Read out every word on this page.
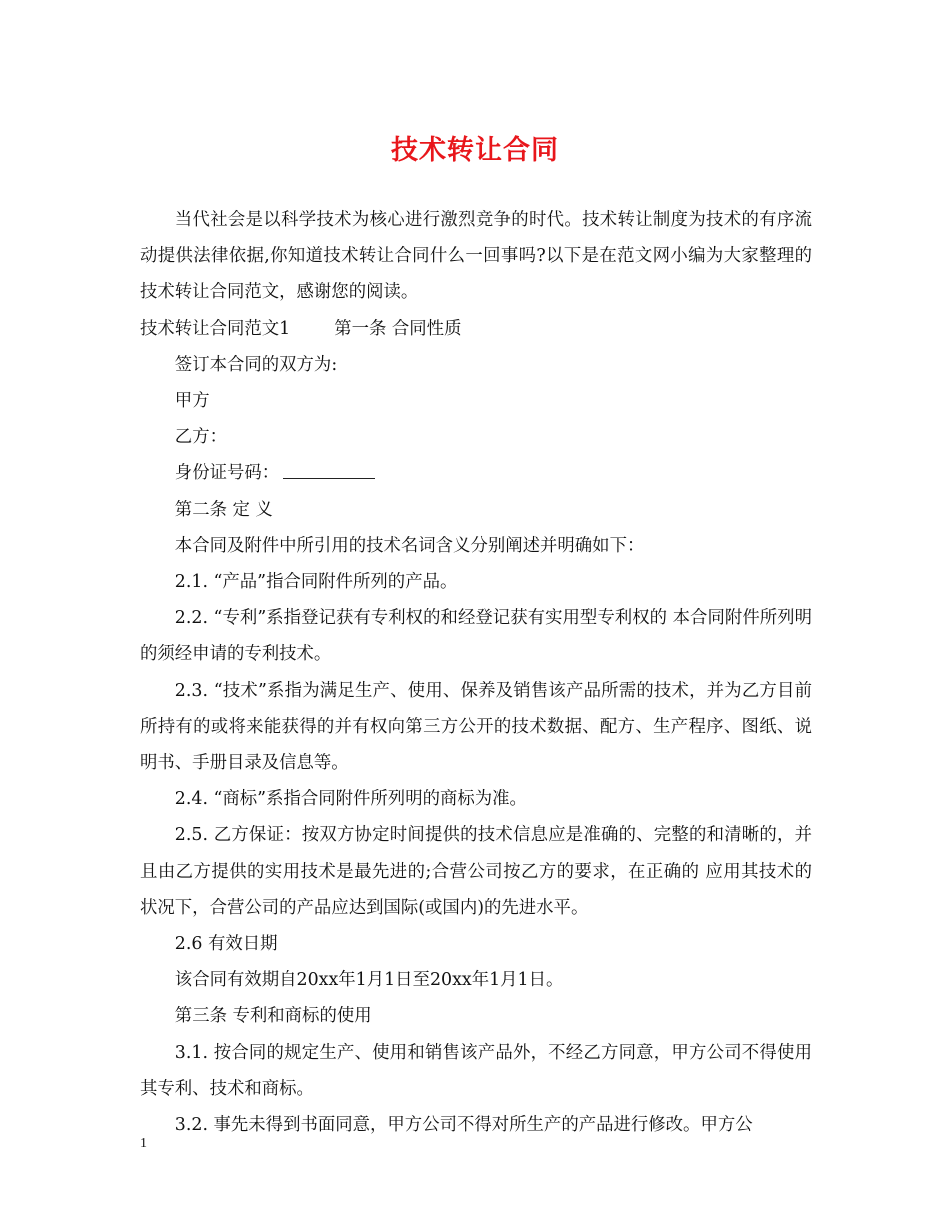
技术转让合同

当代社会是以科学技术为核心进行激烈竞争的时代。技术转让制度为技术的有序流动提供法律依据,你知道技术转让合同什么一回事吗?以下是在范文网小编为大家整理的技术转让合同范文，感谢您的阅读。

技术转让合同范文1	第一条 合同性质

签订本合同的双方为:

甲方

乙方：

身份证号码：

第二条 定 义

本合同及附件中所引用的技术名词含义分别阐述并明确如下：

2.1. “产品”指合同附件所列的产品。

2.2. “专利”系指登记获有专利权的和经登记获有实用型专利权的 本合同附件所列明的须经申请的专利技术。

2.3. “技术”系指为满足生产、使用、保养及销售该产品所需的技术，并为乙方目前所持有的或将来能获得的并有权向第三方公开的技术数据、配方、生产程序、图纸、说明书、手册目录及信息等。

2.4. “商标”系指合同附件所列明的商标为准。

2.5. 乙方保证：按双方协定时间提供的技术信息应是准确的、完整的和清晰的，并且由乙方提供的实用技术是最先进的;合营公司按乙方的要求，在正确的 应用其技术的状况下，合营公司的产品应达到国际(或国内)的先进水平。

2.6 有效日期

该合同有效期自20xx年1月1日至20xx年1月1日。

第三条 专利和商标的使用

3.1. 按合同的规定生产、使用和销售该产品外，不经乙方同意，甲方公司不得使用其专利、技术和商标。

3.2. 事先未得到书面同意，甲方公司不得对所生产的产品进行修改。甲方公

1
